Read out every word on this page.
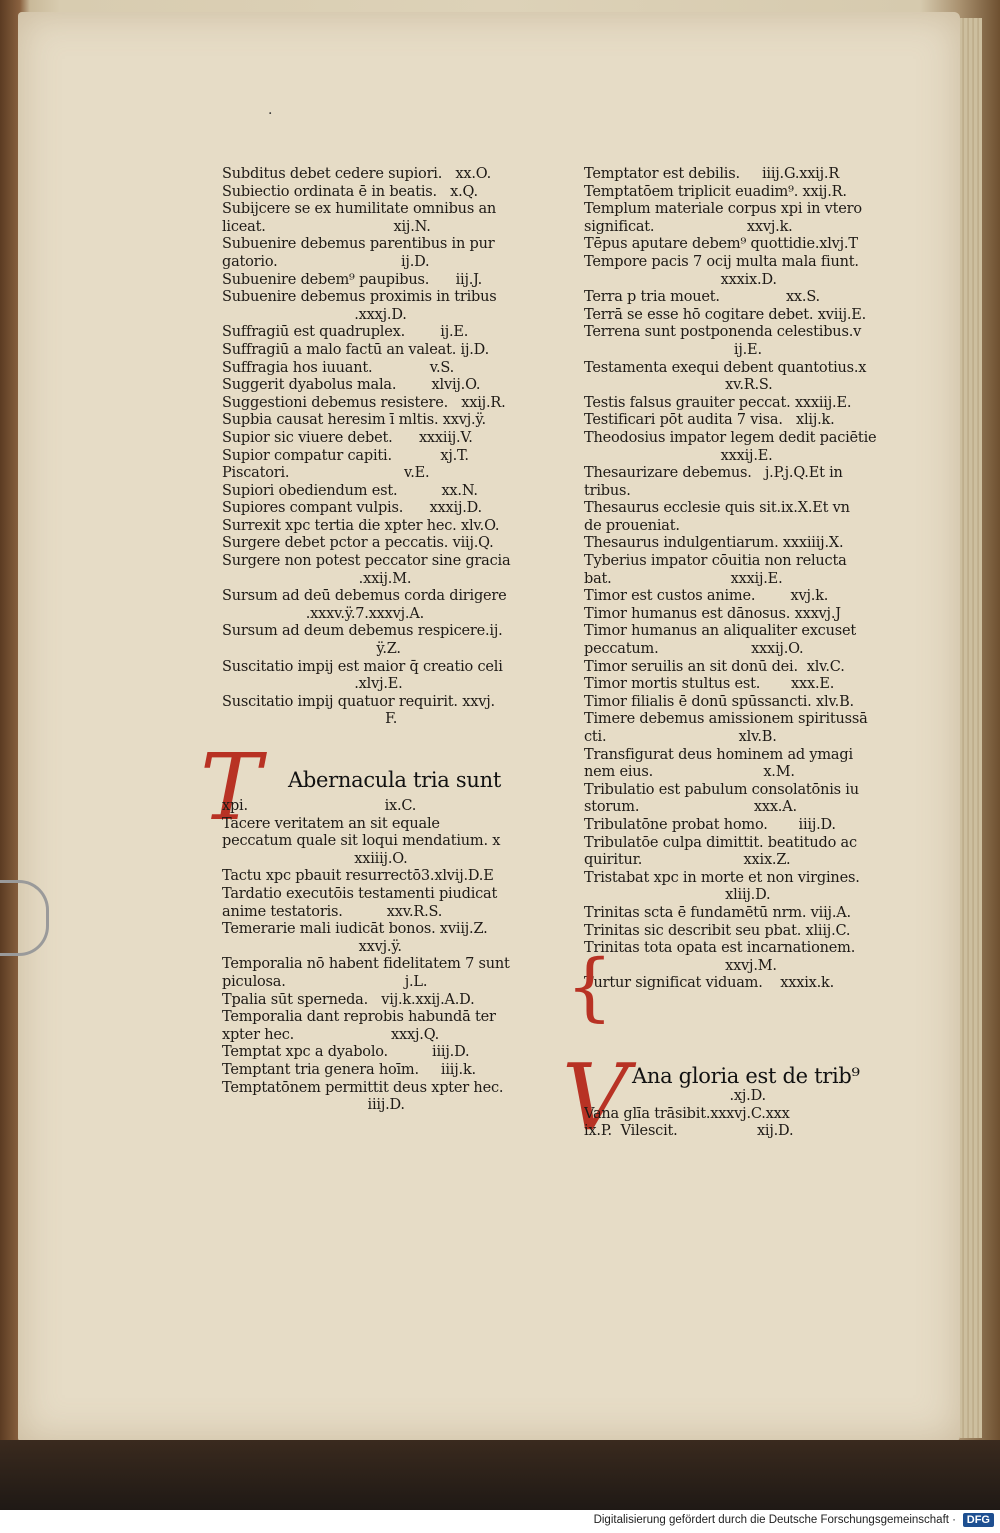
·
Subditus debet cedere supiori.   xx.O.
Subiectio ordinata ē in beatis.   x.Q.
Subijcere se ex humilitate omnibus an
liceat.                             xij.N.
Subuenire debemus parentibus in pur
gatorio.                            ij.D.
Subuenire debem⁹ paupibus.      iij.J.
Subuenire debemus proximis in tribus
.xxxj.D.
Suffragiū est quadruplex.        ij.E.
Suffragiū a malo factū an valeat. ij.D.
Suffragia hos iuuant.             v.S.
Suggerit dyabolus mala.        xlvij.O.
Suggestioni debemus resistere.   xxij.R.
Supbia causat heresim ī mltis. xxvj.ÿ.
Supior sic viuere debet.      xxxiij.V.
Supior compatur capiti.           xj.T.
Piscatori.                          v.E.
Supiori obediendum est.          xx.N.
Supiores compant vulpis.      xxxij.D.
Surrexit xpc tertia die xpter hec. xlv.O.
Surgere debet pctor a peccatis. viij.Q.
Surgere non potest peccator sine gracia
.xxij.M.
Sursum ad deū debemus corda dirigere
.xxxv.ÿ.7.xxxvj.A.
Sursum ad deum debemus respicere.ij.
ÿ.Z.
Suscitatio impij est maior q̄ creatio celi
.xlvj.E.
Suscitatio impij quatuor requirit. xxvj.
F.
T Abernacula tria sunt
xpi.                               ix.C.
Tacere veritatem an sit equale
peccatum quale sit loqui mendatium. x
xxiiij.O.
Tactu xpc pbauit resurrectō3.xlvij.D.E
Tardatio executōis testamenti piudicat
anime testatoris.          xxv.R.S.
Temerarie mali iudicāt bonos. xviij.Z.
xxvj.ÿ.
Temporalia nō habent fidelitatem 7 sunt
piculosa.                           j.L.
Tpalia sūt sperneda.   vij.k.xxij.A.D.
Temporalia dant reprobis habundā ter
xpter hec.                      xxxj.Q.
Temptat xpc a dyabolo.          iiij.D.
Temptant tria genera hoīm.     iiij.k.
Temptatōnem permittit deus xpter hec.
iiij.D.
Temptator est debilis.     iiij.G.xxij.R
Temptatōem triplicit euadim⁹. xxij.R.
Templum materiale corpus xpi in vtero
significat.                     xxvj.k.
Tēpus aputare debem⁹ quottidie.xlvj.T
Tempore pacis 7 ocij multa mala fiunt.
xxxix.D.
Terra p tria mouet.               xx.S.
Terrā se esse hō cogitare debet. xviij.E.
Terrena sunt postponenda celestibus.v
ij.E.
Testamenta exequi debent quantotius.x
xv.R.S.
Testis falsus grauiter peccat. xxxiij.E.
Testificari pōt audita 7 visa.   xlij.k.
Theodosius impator legem dedit paciētie
xxxij.E.
Thesaurizare debemus.   j.P.j.Q.Et in
tribus.
Thesaurus ecclesie quis sit.ix.X.Et vn
de proueniat.
Thesaurus indulgentiarum. xxxiiij.X.
Tyberius impator cōuitia non relucta
bat.                           xxxij.E.
Timor est custos anime.        xvj.k.
Timor humanus est dānosus. xxxvj.J
Timor humanus an aliqualiter excuset
peccatum.                     xxxij.O.
Timor seruilis an sit donū dei.  xlv.C.
Timor mortis stultus est.       xxx.E.
Timor filialis ē donū spūssancti. xlv.B.
Timere debemus amissionem spiritussā
cti.                              xlv.B.
Transfigurat deus hominem ad ymagi
nem eius.                         x.M.
Tribulatio est pabulum consolatōnis iu
storum.                          xxx.A.
Tribulatōne probat homo.       iiij.D.
Tribulatōe culpa dimittit. beatitudo ac
quiritur.                       xxix.Z.
Tristabat xpc in morte et non virgines.
xliij.D.
Trinitas scta ē fundamētū nrm. viij.A.
Trinitas sic describit seu pbat. xliij.C.
Trinitas tota opata est incarnationem.
xxvj.M.
Turtur significat viduam.    xxxix.k.
{
V Ana gloria est de trib⁹
.xj.D.
Vana glīa trāsibit.xxxvj.C.xxx
ix.P.  Vilescit.                  xij.D.
Digitalisierung gefördert durch die Deutsche Forschungsgemeinschaft · DFG
